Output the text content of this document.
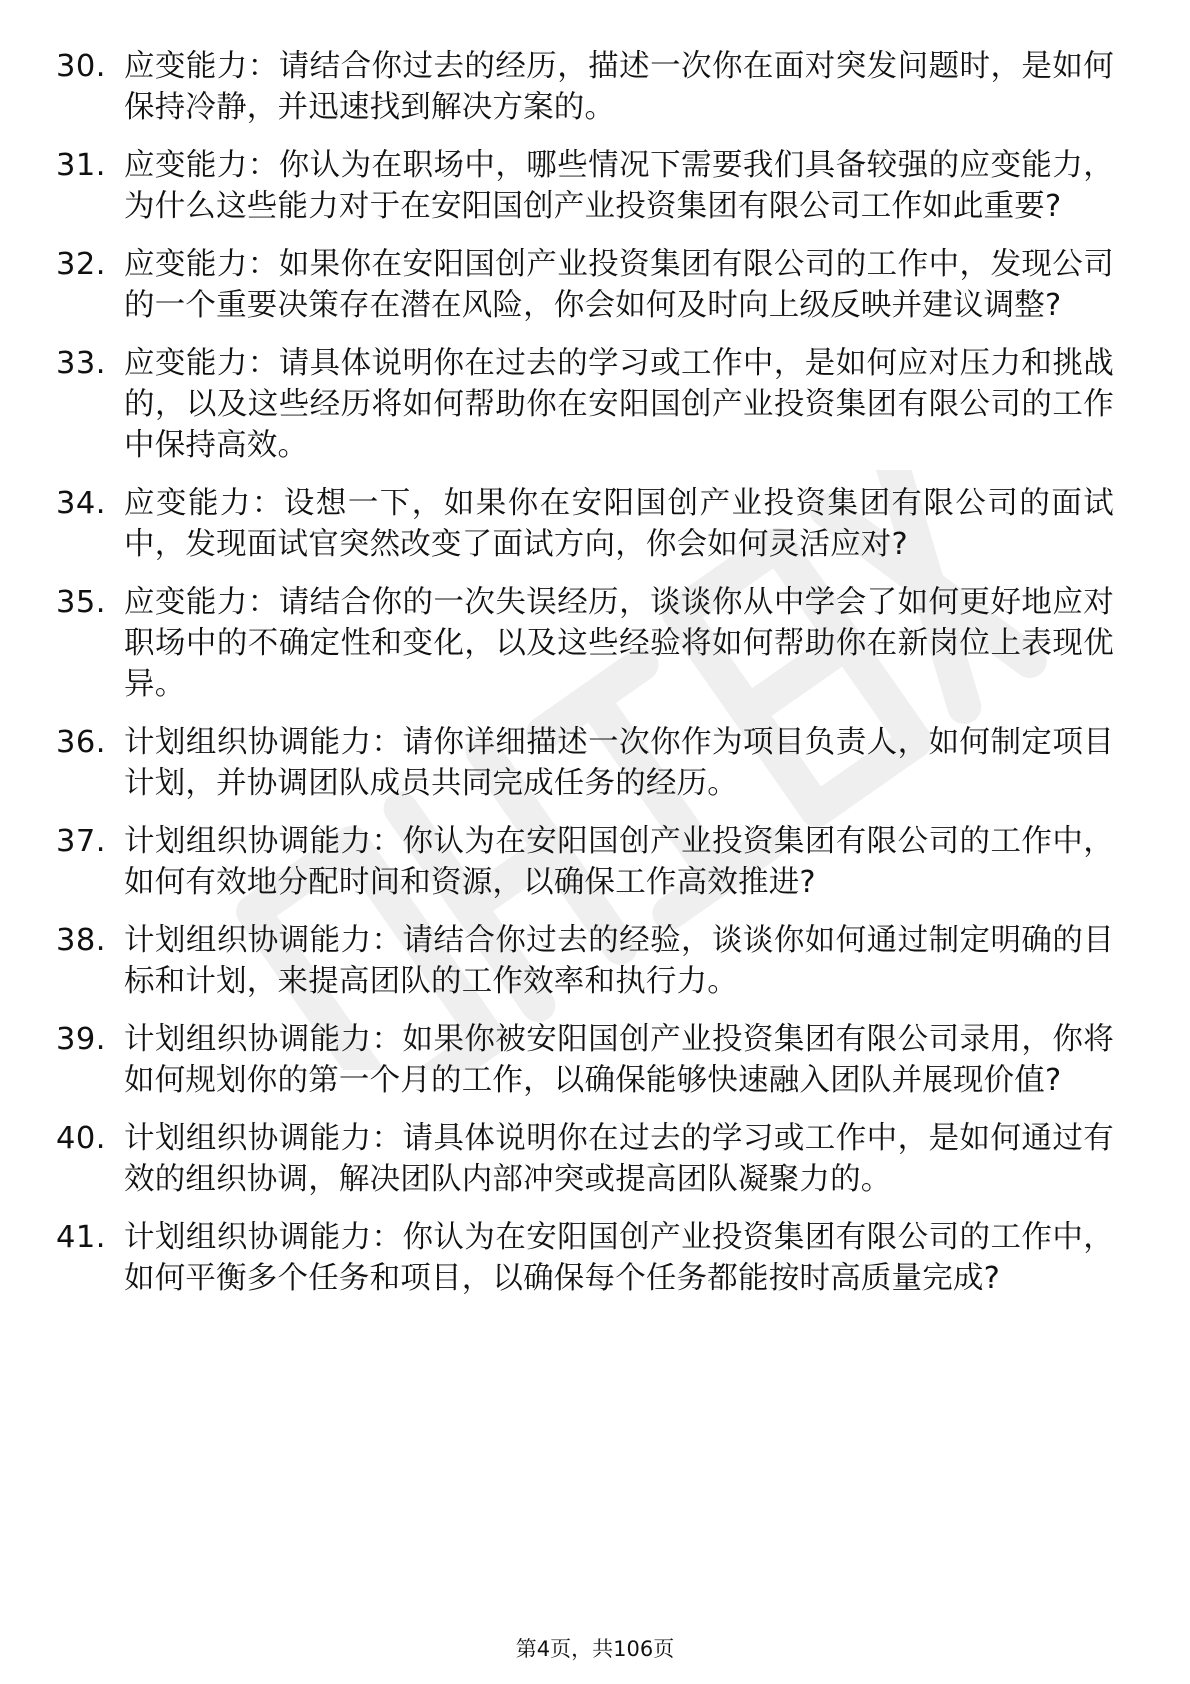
30. 应变能力：请结合你过去的经历，描述一次你在面对突发问题时，是如何保持冷静，并迅速找到解决方案的。
31. 应变能力：你认为在职场中，哪些情况下需要我们具备较强的应变能力，为什么这些能力对于在安阳国创产业投资集团有限公司工作如此重要?
32. 应变能力：如果你在安阳国创产业投资集团有限公司的工作中，发现公司的一个重要决策存在潜在风险，你会如何及时向上级反映并建议调整?
33. 应变能力：请具体说明你在过去的学习或工作中，是如何应对压力和挑战的，以及这些经历将如何帮助你在安阳国创产业投资集团有限公司的工作中保持高效。
34. 应变能力：设想一下，如果你在安阳国创产业投资集团有限公司的面试中，发现面试官突然改变了面试方向，你会如何灵活应对?
35. 应变能力：请结合你的一次失误经历，谈谈你从中学会了如何更好地应对职场中的不确定性和变化，以及这些经验将如何帮助你在新岗位上表现优异。
36. 计划组织协调能力：请你详细描述一次你作为项目负责人，如何制定项目计划，并协调团队成员共同完成任务的经历。
37. 计划组织协调能力：你认为在安阳国创产业投资集团有限公司的工作中，如何有效地分配时间和资源，以确保工作高效推进?
38. 计划组织协调能力：请结合你过去的经验，谈谈你如何通过制定明确的目标和计划，来提高团队的工作效率和执行力。
39. 计划组织协调能力：如果你被安阳国创产业投资集团有限公司录用，你将如何规划你的第一个月的工作，以确保能够快速融入团队并展现价值?
40. 计划组织协调能力：请具体说明你在过去的学习或工作中，是如何通过有效的组织协调，解决团队内部冲突或提高团队凝聚力的。
41. 计划组织协调能力：你认为在安阳国创产业投资集团有限公司的工作中，如何平衡多个任务和项目，以确保每个任务都能按时高质量完成?
第4页，共106页
